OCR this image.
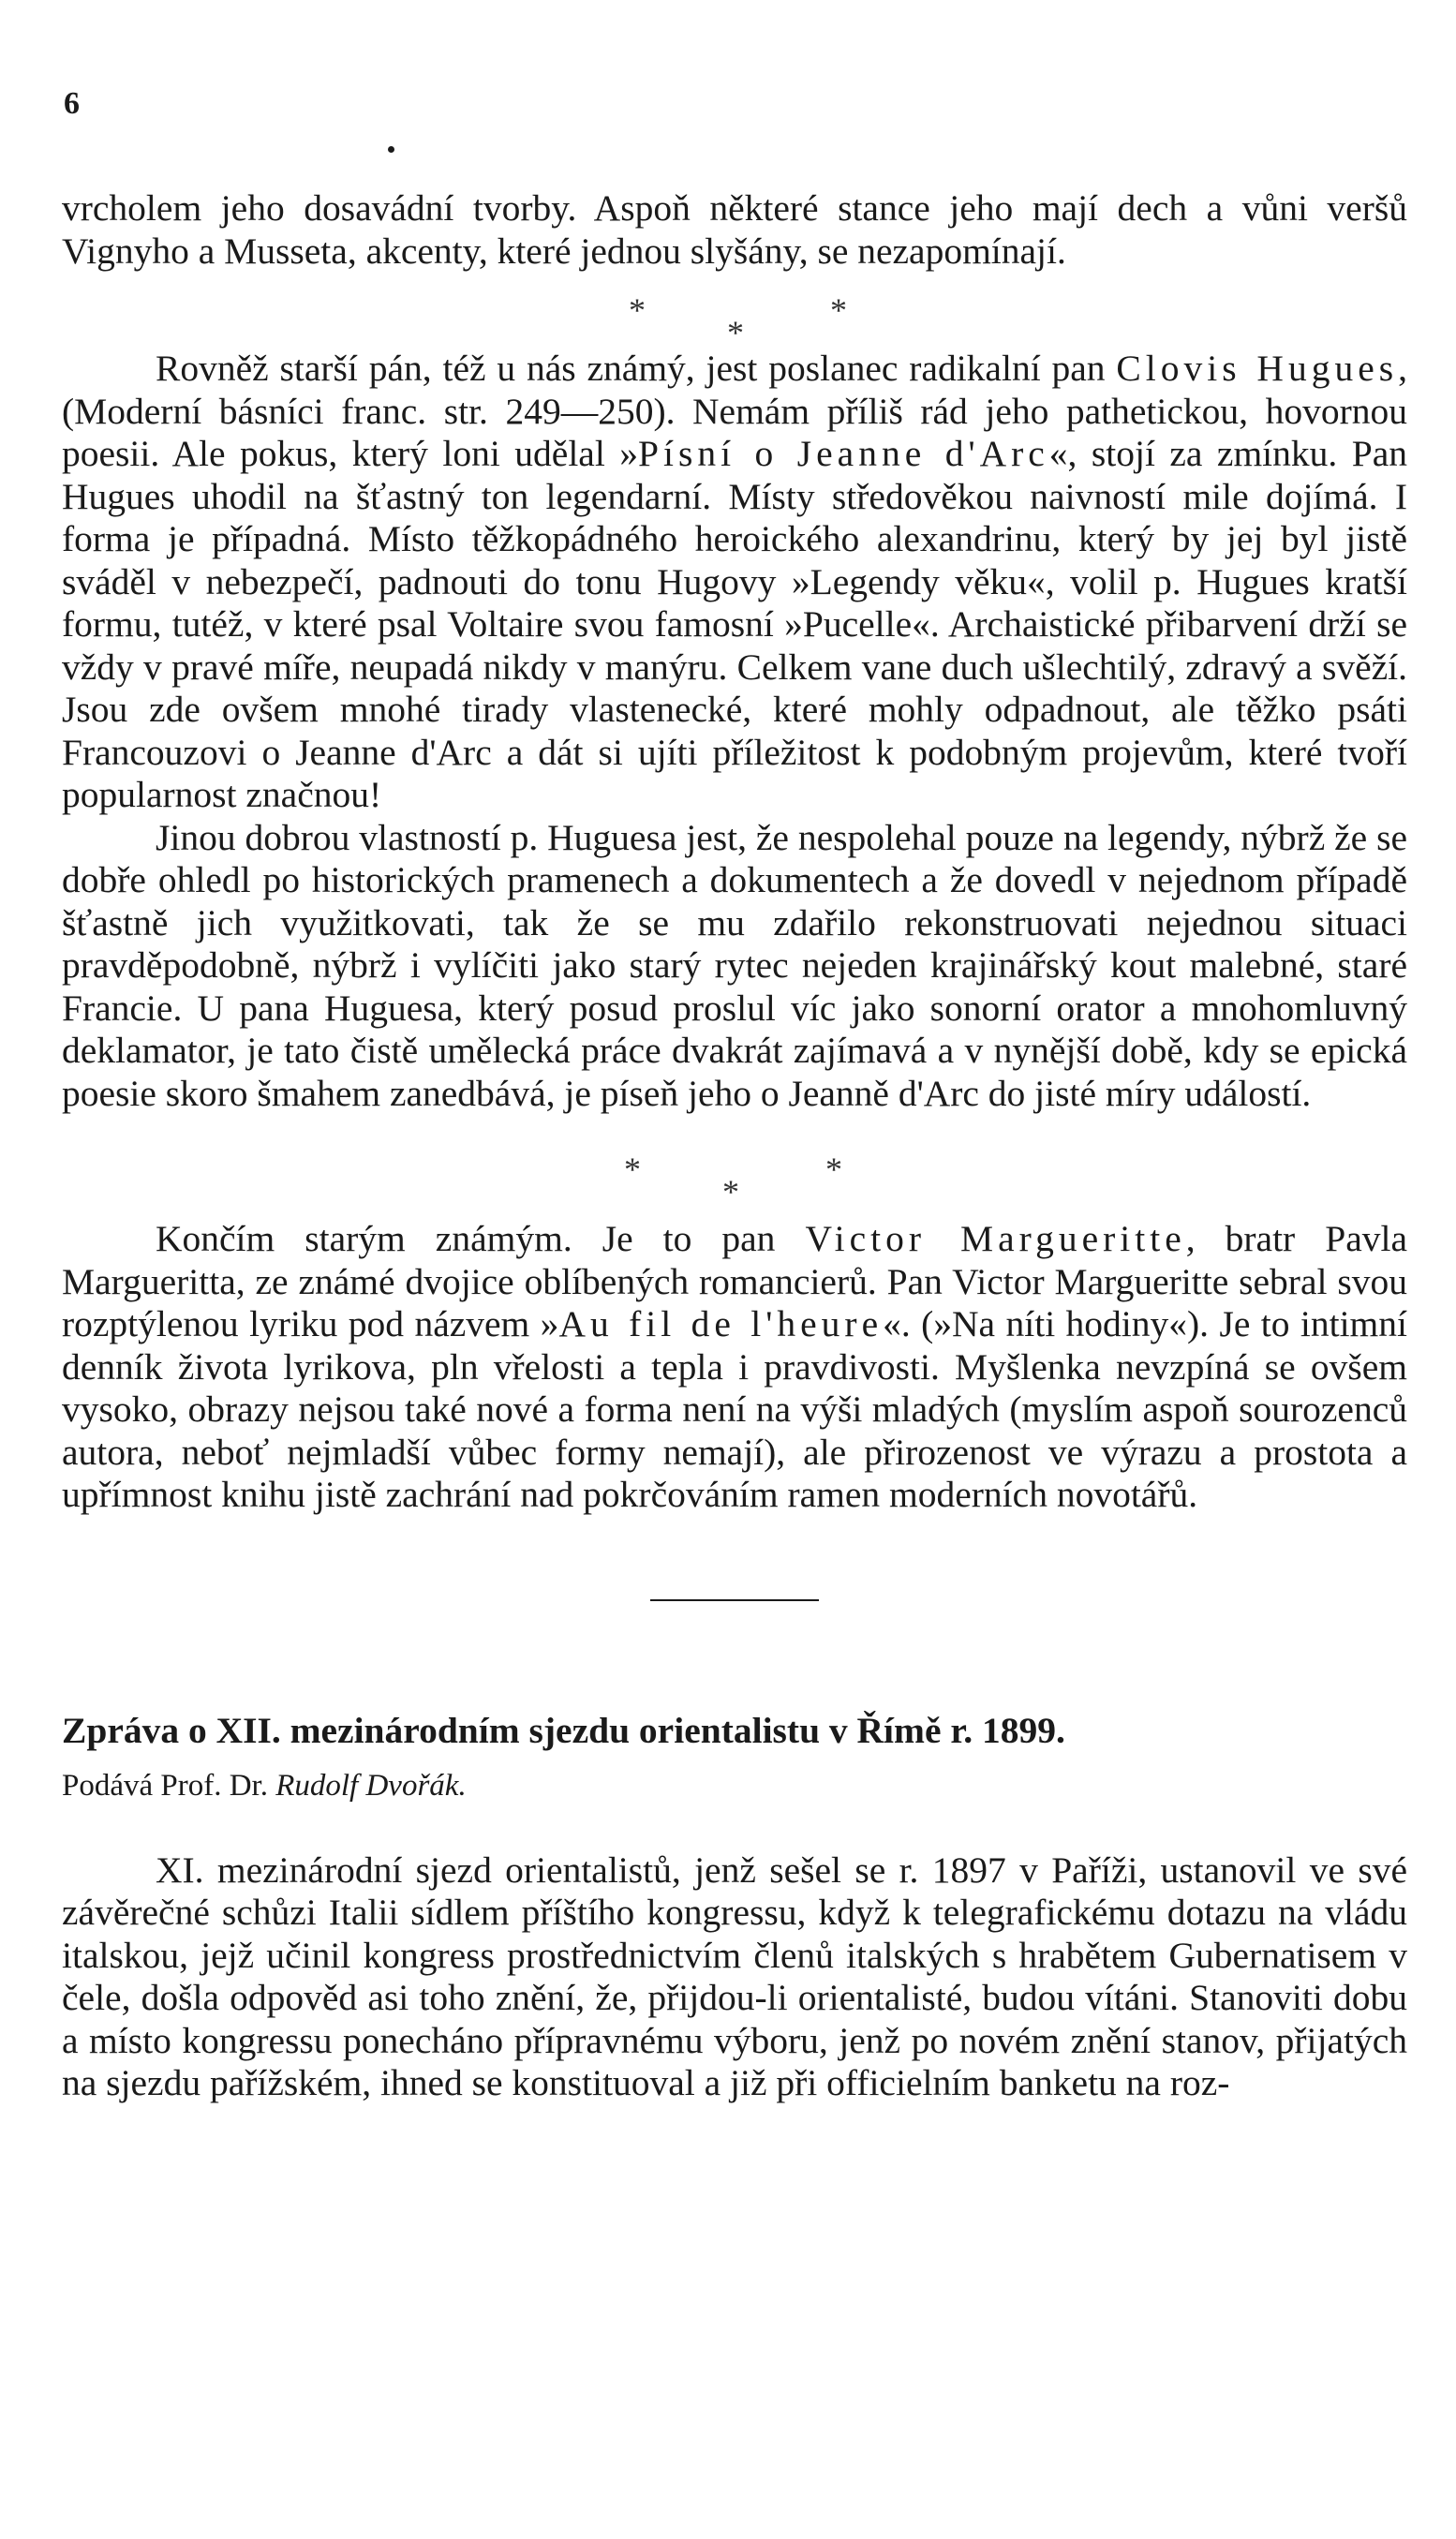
6

vrcholem jeho dosavádní tvorby. Aspoň některé stance jeho mají dech a vůni veršů Vignyho a Musseta, akcenty, které jednou slyšány, se nezapomínají.

*
*
*

Rovněž starší pán, též u nás známý, jest poslanec radikalní pan Clovis Hugues, (Moderní básníci franc. str. 249—250). Nemám příliš rád jeho pathetickou, hovornou poesii. Ale pokus, který loni udělal »Písní o Jeanne d'Arc«, stojí za zmínku. Pan Hugues uhodil na šťastný ton legendarní. Místy středověkou naivností mile dojímá. I forma je případná. Místo těžkopádného heroického alexandrinu, který by jej byl jistě sváděl v nebezpečí, padnouti do tonu Hugovy »Legendy věku«, volil p. Hugues kratší formu, tutéž, v které psal Voltaire svou famosní »Pucelle«. Archaistické přibarvení drží se vždy v pravé míře, neupadá nikdy v manýru. Celkem vane duch ušlechtilý, zdravý a svěží. Jsou zde ovšem mnohé tirady vlastenecké, které mohly odpadnout, ale těžko psáti Francouzovi o Jeanne d'Arc a dát si ujíti příležitost k podobným projevům, které tvoří popularnost značnou!

Jinou dobrou vlastností p. Huguesa jest, že nespolehal pouze na legendy, nýbrž že se dobře ohledl po historických pramenech a dokumentech a že dovedl v nejednom případě šťastně jich využitkovati, tak že se mu zdařilo rekonstruovati nejednou situaci pravděpodobně, nýbrž i vylíčiti jako starý rytec nejeden krajinářský kout malebné, staré Francie. U pana Huguesa, který posud proslul víc jako sonorní orator a mnohomluvný deklamator, je tato čistě umělecká práce dvakrát zajímavá a v nynější době, kdy se epická poesie skoro šmahem zanedbává, je píseň jeho o Jeanně d'Arc do jisté míry událostí.

*
*
*

Končím starým známým. Je to pan Victor Margueritte, bratr Pavla Margueritta, ze známé dvojice oblíbených romancierů. Pan Victor Margueritte sebral svou rozptýlenou lyriku pod názvem »Au fil de l'heure«. (»Na níti hodiny«). Je to intimní denník života lyrikova, pln vřelosti a tepla i pravdivosti. Myšlenka nevzpíná se ovšem vysoko, obrazy nejsou také nové a forma není na výši mladých (myslím aspoň sourozenců autora, neboť nejmladší vůbec formy nemají), ale přirozenost ve výrazu a prostota a upřímnost knihu jistě zachrání nad pokrčováním ramen moderních novotářů.

Zpráva o XII. mezinárodním sjezdu orientalistu v Římě r. 1899.

Podává Prof. Dr. Rudolf Dvořák.

XI. mezinárodní sjezd orientalistů, jenž sešel se r. 1897 v Paříži, ustanovil ve své závěrečné schůzi Italii sídlem příštího kongressu, když k telegrafickému dotazu na vládu italskou, jejž učinil kongress prostřednictvím členů italských s hrabětem Gubernatisem v čele, došla odpověd asi toho znění, že, přijdou-li orientalisté, budou vítáni. Stanoviti dobu a místo kongressu ponecháno přípravnému výboru, jenž po novém znění stanov, přijatých na sjezdu pařížském, ihned se konstituoval a již při officielním banketu na roz-
